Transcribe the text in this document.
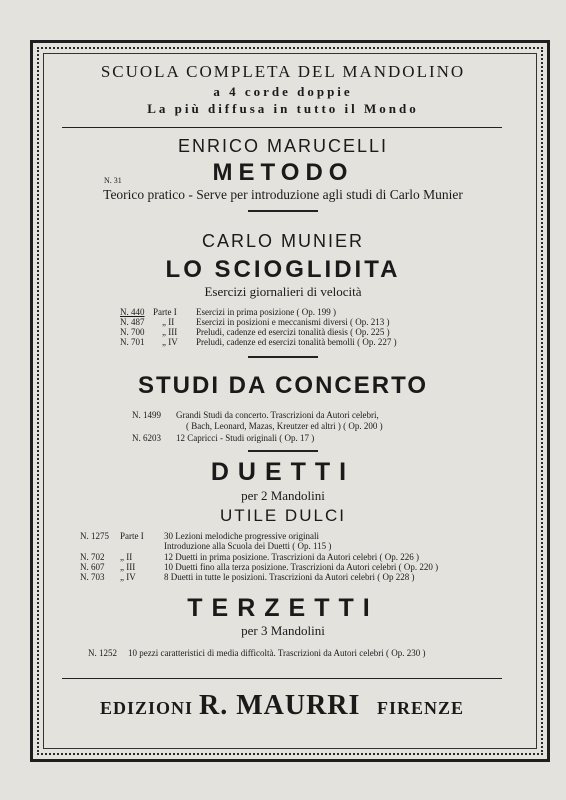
SCUOLA COMPLETA DEL MANDOLINO
a 4 corde doppie
La più diffusa in tutto il Mondo
ENRICO MARUCELLI
N. 31	METODO
Teorico pratico - Serve per introduzione agli studi di Carlo Munier
CARLO MUNIER
LO SCIOGLIDITA
Esercizi giornalieri di velocità
N. 440 Parte I Esercizi in prima posizione ( Op. 199 )
N. 487 „ II Esercizi in posizioni e meccanismi diversi ( Op. 213 )
N. 700 „ III Preludi, cadenze ed esercizi tonalità diesis ( Op. 225 )
N. 701 „ IV Preludi, cadenze ed esercizi tonalità bemolli ( Op. 227 )
STUDI DA CONCERTO
N. 1499 Grandi Studi da concerto. Trascrizioni da Autori celebri,
( Bach, Leonard, Mazas, Kreutzer ed altri ) ( Op. 200 )
N. 6203 12 Capricci - Studi originali ( Op. 17 )
DUETTI
per 2 Mandolini
UTILE DULCI
N. 1275 Parte I 30 Lezioni melodiche progressive originali
Introduzione alla Scuola dei Duetti ( Op. 115 )
N. 702 „ II	12 Duetti in prima posizione. Trascrizioni da Autori celebri ( Op. 226 )
N. 607 „ III	10 Duetti fino alla terza posizione. Trascrizioni da Autori celebri ( Op. 220 )
N. 703 „ IV	8 Duetti in tutte le posizioni. Trascrizioni da Autori celebri ( Op 228 )
TERZETTI
per 3 Mandolini
N. 1252 10 pezzi caratteristici di media difficoltà. Trascrizioni da Autori celebri ( Op. 230 )
EDIZIONI R. MAURRI FIRENZE
